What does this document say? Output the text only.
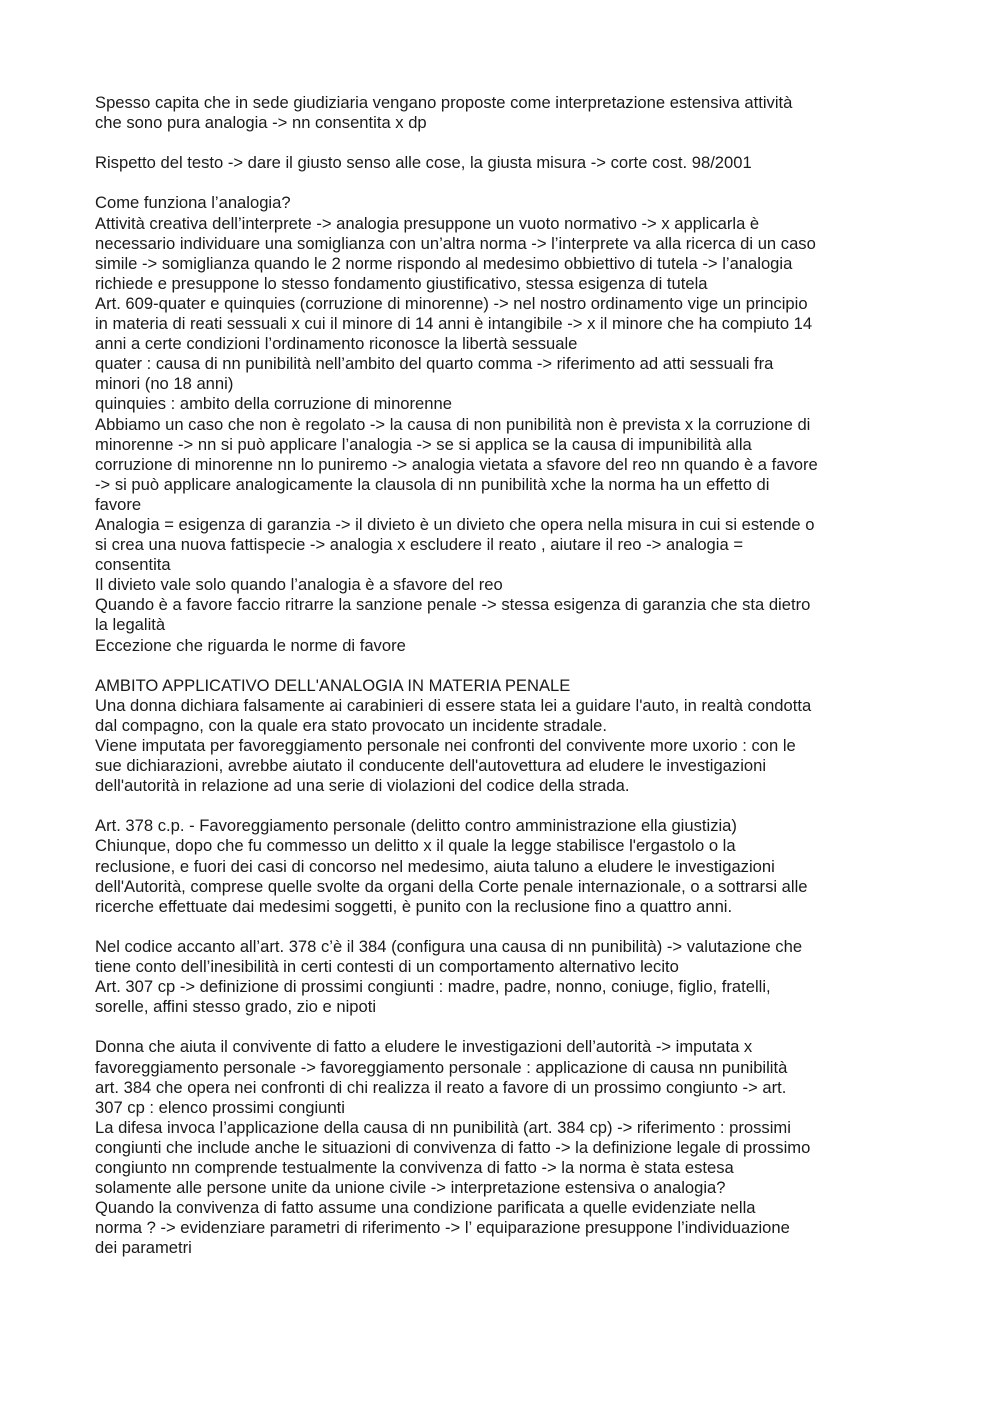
Spesso capita che in sede giudiziaria vengano proposte come interpretazione estensiva attività
che sono pura analogia -> nn consentita x dp
Rispetto del testo -> dare il giusto senso alle cose, la giusta misura -> corte cost. 98/2001
Come funziona l’analogia?
Attività creativa dell’interprete -> analogia presuppone un vuoto normativo -> x applicarla è
necessario individuare una somiglianza con un’altra norma -> l’interprete va alla ricerca di un caso
simile -> somiglianza quando le 2 norme rispondo al medesimo obbiettivo di tutela -> l’analogia
richiede e presuppone lo stesso fondamento giustificativo, stessa esigenza di tutela
Art. 609-quater e quinquies (corruzione di minorenne) -> nel nostro ordinamento vige un principio
in materia di reati sessuali x cui il minore di 14 anni è intangibile -> x il minore che ha compiuto 14
anni a certe condizioni l’ordinamento riconosce la libertà sessuale
quater : causa di nn punibilità nell’ambito del quarto comma -> riferimento ad atti sessuali fra
minori (no 18 anni)
quinquies : ambito della corruzione di minorenne
Abbiamo un caso che non è regolato -> la causa di non punibilità non è prevista x la corruzione di
minorenne -> nn si può applicare l’analogia -> se si applica se la causa di impunibilità alla
corruzione di minorenne nn lo puniremo -> analogia vietata a sfavore del reo nn quando è a favore
-> si può applicare analogicamente la clausola di nn punibilità xche la norma ha un effetto di
favore
Analogia = esigenza di garanzia -> il divieto è un divieto che opera nella misura in cui si estende o
si crea una nuova fattispecie -> analogia x escludere il reato , aiutare il reo -> analogia =
consentita
Il divieto vale solo quando l’analogia è a sfavore del reo
Quando è a favore faccio ritrarre la sanzione penale -> stessa esigenza di garanzia che sta dietro
la legalità
Eccezione che riguarda le norme di favore
AMBITO APPLICATIVO DELL'ANALOGIA IN MATERIA PENALE
Una donna dichiara falsamente ai carabinieri di essere stata lei a guidare l'auto, in realtà condotta
dal compagno, con la quale era stato provocato un incidente stradale.
Viene imputata per favoreggiamento personale nei confronti del convivente more uxorio : con le
sue dichiarazioni, avrebbe aiutato il conducente dell'autovettura ad eludere le investigazioni
dell'autorità in relazione ad una serie di violazioni del codice della strada.
Art. 378 c.p. - Favoreggiamento personale (delitto contro amministrazione ella giustizia)
Chiunque, dopo che fu commesso un delitto x il quale la legge stabilisce l'ergastolo o la
reclusione, e fuori dei casi di concorso nel medesimo, aiuta taluno a eludere le investigazioni
dell'Autorità, comprese quelle svolte da organi della Corte penale internazionale, o a sottrarsi alle
ricerche effettuate dai medesimi soggetti, è punito con la reclusione fino a quattro anni.
Nel codice accanto all’art. 378 c’è il 384 (configura una causa di nn punibilità) -> valutazione che
tiene conto dell’inesibilità in certi contesti di un comportamento alternativo lecito
Art. 307 cp -> definizione di prossimi congiunti : madre, padre, nonno, coniuge, figlio, fratelli,
sorelle, affini stesso grado, zio e nipoti
Donna che aiuta il convivente di fatto a eludere le investigazioni dell’autorità -> imputata x
favoreggiamento personale -> favoreggiamento personale : applicazione di causa nn punibilità
art. 384 che opera nei confronti di chi realizza il reato a favore di un prossimo congiunto -> art.
307 cp : elenco prossimi congiunti
La difesa invoca l’applicazione della causa di nn punibilità (art. 384 cp) -> riferimento : prossimi
congiunti che include anche le situazioni di convivenza di fatto -> la definizione legale di prossimo
congiunto nn comprende testualmente la convivenza di fatto -> la norma è stata estesa
solamente alle persone unite da unione civile -> interpretazione estensiva o analogia?
Quando la convivenza di fatto assume una condizione parificata a quelle evidenziate nella
norma ? -> evidenziare parametri di riferimento -> l’ equiparazione presuppone l’individuazione
dei parametri
